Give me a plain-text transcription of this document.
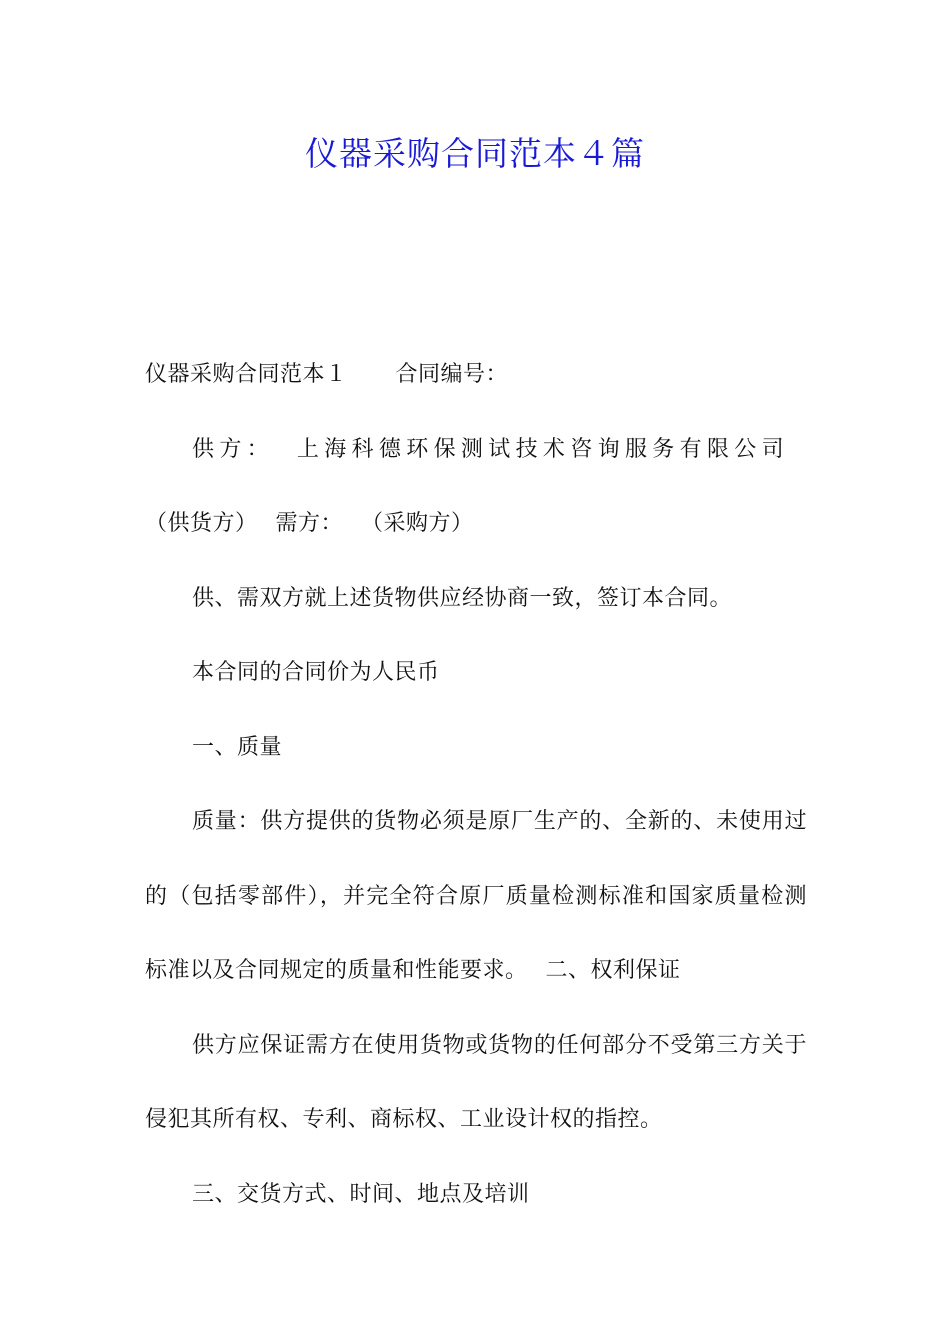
仪器采购合同范本４篇

仪器采购合同范本１ 合同编号：

供方： 上海科德环保测试技术咨询服务有限公司（供货方） 需方： （采购方）

供、需双方就上述货物供应经协商一致，签订本合同。

本合同的合同价为人民币

一、质量

质量：供方提供的货物必须是原厂生产的、全新的、未使用过的（包括零部件），并完全符合原厂质量检测标准和国家质量检测标准以及合同规定的质量和性能要求。 二、权利保证

供方应保证需方在使用货物或货物的任何部分不受第三方关于侵犯其所有权、专利、商标权、工业设计权的指控。

三、交货方式、时间、地点及培训
